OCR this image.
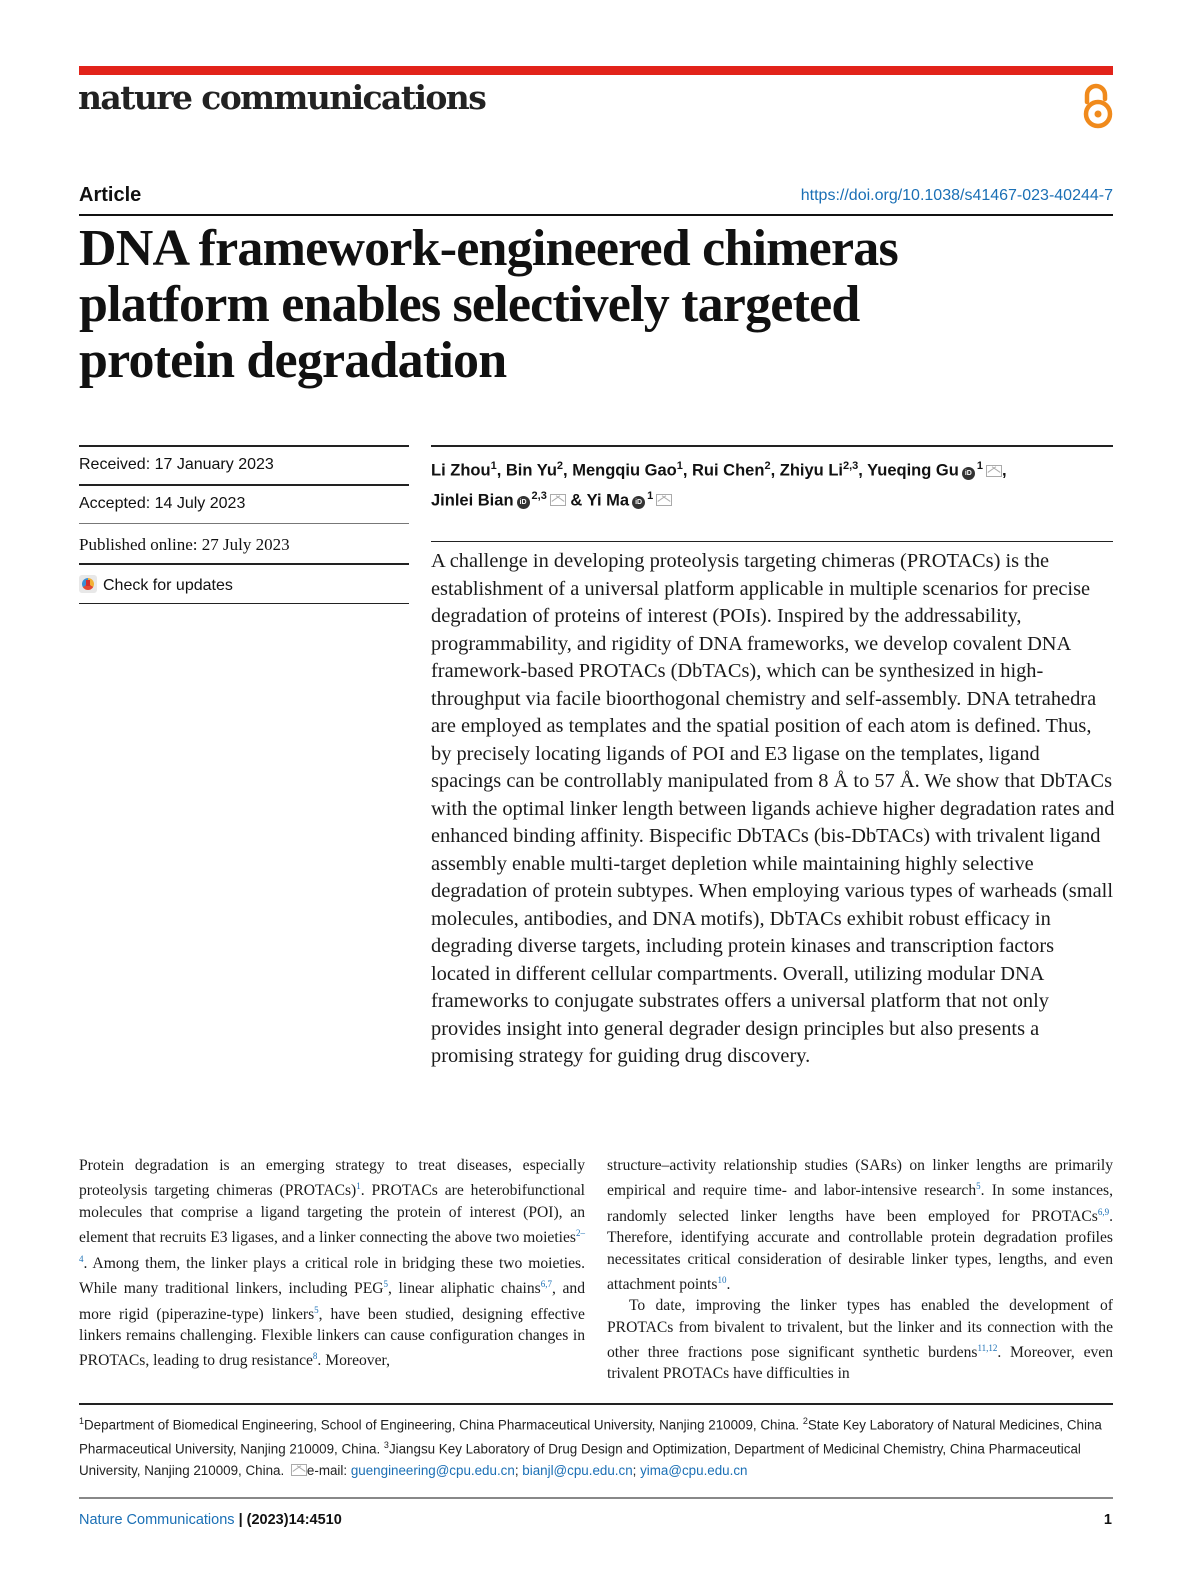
nature communications
Article	https://doi.org/10.1038/s41467-023-40244-7
DNA framework-engineered chimeras
platform enables selectively targeted
protein degradation
Received: 17 January 2023
Accepted: 14 July 2023
Published online: 27 July 2023
Check for updates
Li Zhou$^1$, Bin Yu$^2$, Mengqiu Gao$^1$, Rui Chen$^2$, Zhiyu Li$^{2,3}$, Yueqing Gu $iD^1$ ,
Jinlei Bian iD$^{2,3}$ & Yi Ma $iD^1$
A challenge in developing proteolysis targeting chimeras (PROTACs) is the establishment of a universal platform applicable in multiple scenarios for precise degradation of proteins of interest (POIs). Inspired by the addressability, programmability, and rigidity of DNA frameworks, we develop covalent DNA framework-based PROTACs (DbTACs), which can be synthesized in high-throughput via facile bioorthogonal chemistry and self-assembly. DNA tetrahedra are employed as templates and the spatial position of each atom is defined. Thus, by precisely locating ligands of POI and E3 ligase on the templates, ligand spacings can be controllably manipulated from 8 Å to 57 Å. We show that DbTACs with the optimal linker length between ligands achieve higher degradation rates and enhanced binding affinity. Bispecific DbTACs (bis-DbTACs) with trivalent ligand assembly enable multi-target depletion while maintaining highly selective degradation of protein subtypes. When employing various types of warheads (small molecules, antibodies, and DNA motifs), DbTACs exhibit robust efficacy in degrading diverse targets, including protein kinases and transcription factors located in different cellular compartments. Overall, utilizing modular DNA frameworks to conjugate substrates offers a universal platform that not only provides insight into general degrader design principles but also presents a promising strategy for guiding drug discovery.

Protein degradation is an emerging strategy to treat diseases, especially proteolysis targeting chimeras (PROTACs)$^1$. PROTACs are heterobifunctional molecules that comprise a ligand targeting the protein of interest (POI), an element that recruits E3 ligases, and a linker connecting the above two moieties$^{2-4}$. Among them, the linker plays a critical role in bridging these two moieties. While many traditional linkers, including PEG$^5$, linear aliphatic chains$^{6,7}$, and more rigid (piperazine-type) linkers$^5$, have been studied, designing effective linkers remains challenging. Flexible linkers can cause configuration changes in PROTACs, leading to drug resistance$^8$. Moreover,

structure–activity relationship studies (SARs) on linker lengths are primarily empirical and require time- and labor-intensive research$^5$. In some instances, randomly selected linker lengths have been employed for PROTACs$^{6,9}$. Therefore, identifying accurate and controllable protein degradation profiles necessitates critical consideration of desirable linker types, lengths, and even attachment points$^{10}$.

To date, improving the linker types has enabled the development of PROTACs from bivalent to trivalent, but the linker and its connection with the other three fractions pose significant synthetic burdens$^{11,12}$. Moreover, even trivalent PROTACs have difficulties in

$^1$Department of Biomedical Engineering, School of Engineering, China Pharmaceutical University, Nanjing 210009, China. $^2$State Key Laboratory of Natural Medicines, China Pharmaceutical University, Nanjing 210009, China. $^3$Jiangsu Key Laboratory of Drug Design and Optimization, Department of Medicinal Chemistry, China Pharmaceutical University, Nanjing 210009, China. e-mail: guengineering@cpu.edu.cn; bianjl@cpu.edu.cn; yima@cpu.edu.cn
Nature Communications | (2023)14:4510	1
